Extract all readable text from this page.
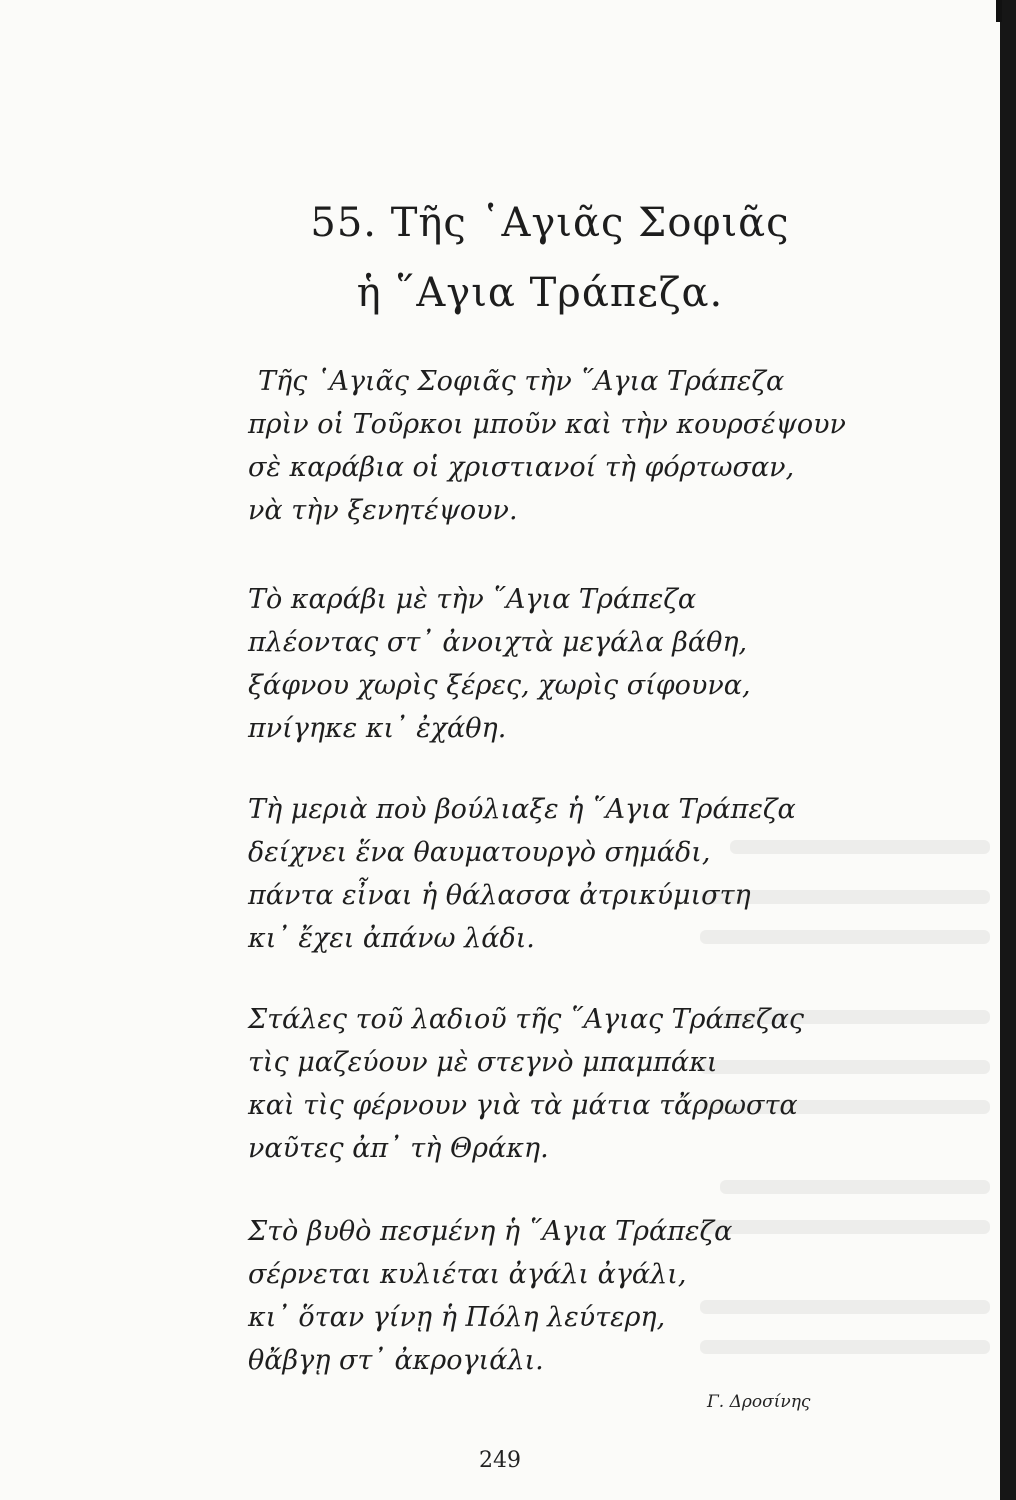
55. Τῆς ῾Αγιᾶς Σοφιᾶς
ἡ ῞Αγια Τράπεζα.
Τῆς ῾Αγιᾶς Σοφιᾶς τὴν ῞Αγια Τράπεζα
πρὶν οἱ Τοῦρκοι μποῦν καὶ τὴν κουρσέψουν
σὲ καράβια οἱ χριστιανοί τὴ φόρτωσαν,
νὰ τὴν ξενητέψουν.
Τὸ καράβι μὲ τὴν ῞Αγια Τράπεζα
πλέοντας στ᾿ ἀνοιχτὰ μεγάλα βάθη,
ξάφνου χωρὶς ξέρες, χωρὶς σίφουνα,
πνίγηκε κι᾿ ἐχάθη.
Τὴ μεριὰ ποὺ βούλιαξε ἡ ῞Αγια Τράπεζα
δείχνει ἕνα θαυματουργὸ σημάδι,
πάντα εἶναι ἡ θάλασσα ἀτρικύμιστη
κι᾿ ἔχει ἀπάνω λάδι.
Στάλες τοῦ λαδιοῦ τῆς ῞Αγιας Τράπεζας
τὶς μαζεύουν μὲ στεγνὸ μπαμπάκι
καὶ τὶς φέρνουν γιὰ τὰ μάτια τἄρρωστα
ναῦτες ἀπ᾿ τὴ Θράκη.
Στὸ βυθὸ πεσμένη ἡ ῞Αγια Τράπεζα
σέρνεται κυλιέται ἀγάλι ἀγάλι,
κι᾿ ὅταν γίνῃ ἡ Πόλη λεύτερη,
θἄβγῃ στ᾿ ἀκρογιάλι.
Γ. Δροσίνης
249
